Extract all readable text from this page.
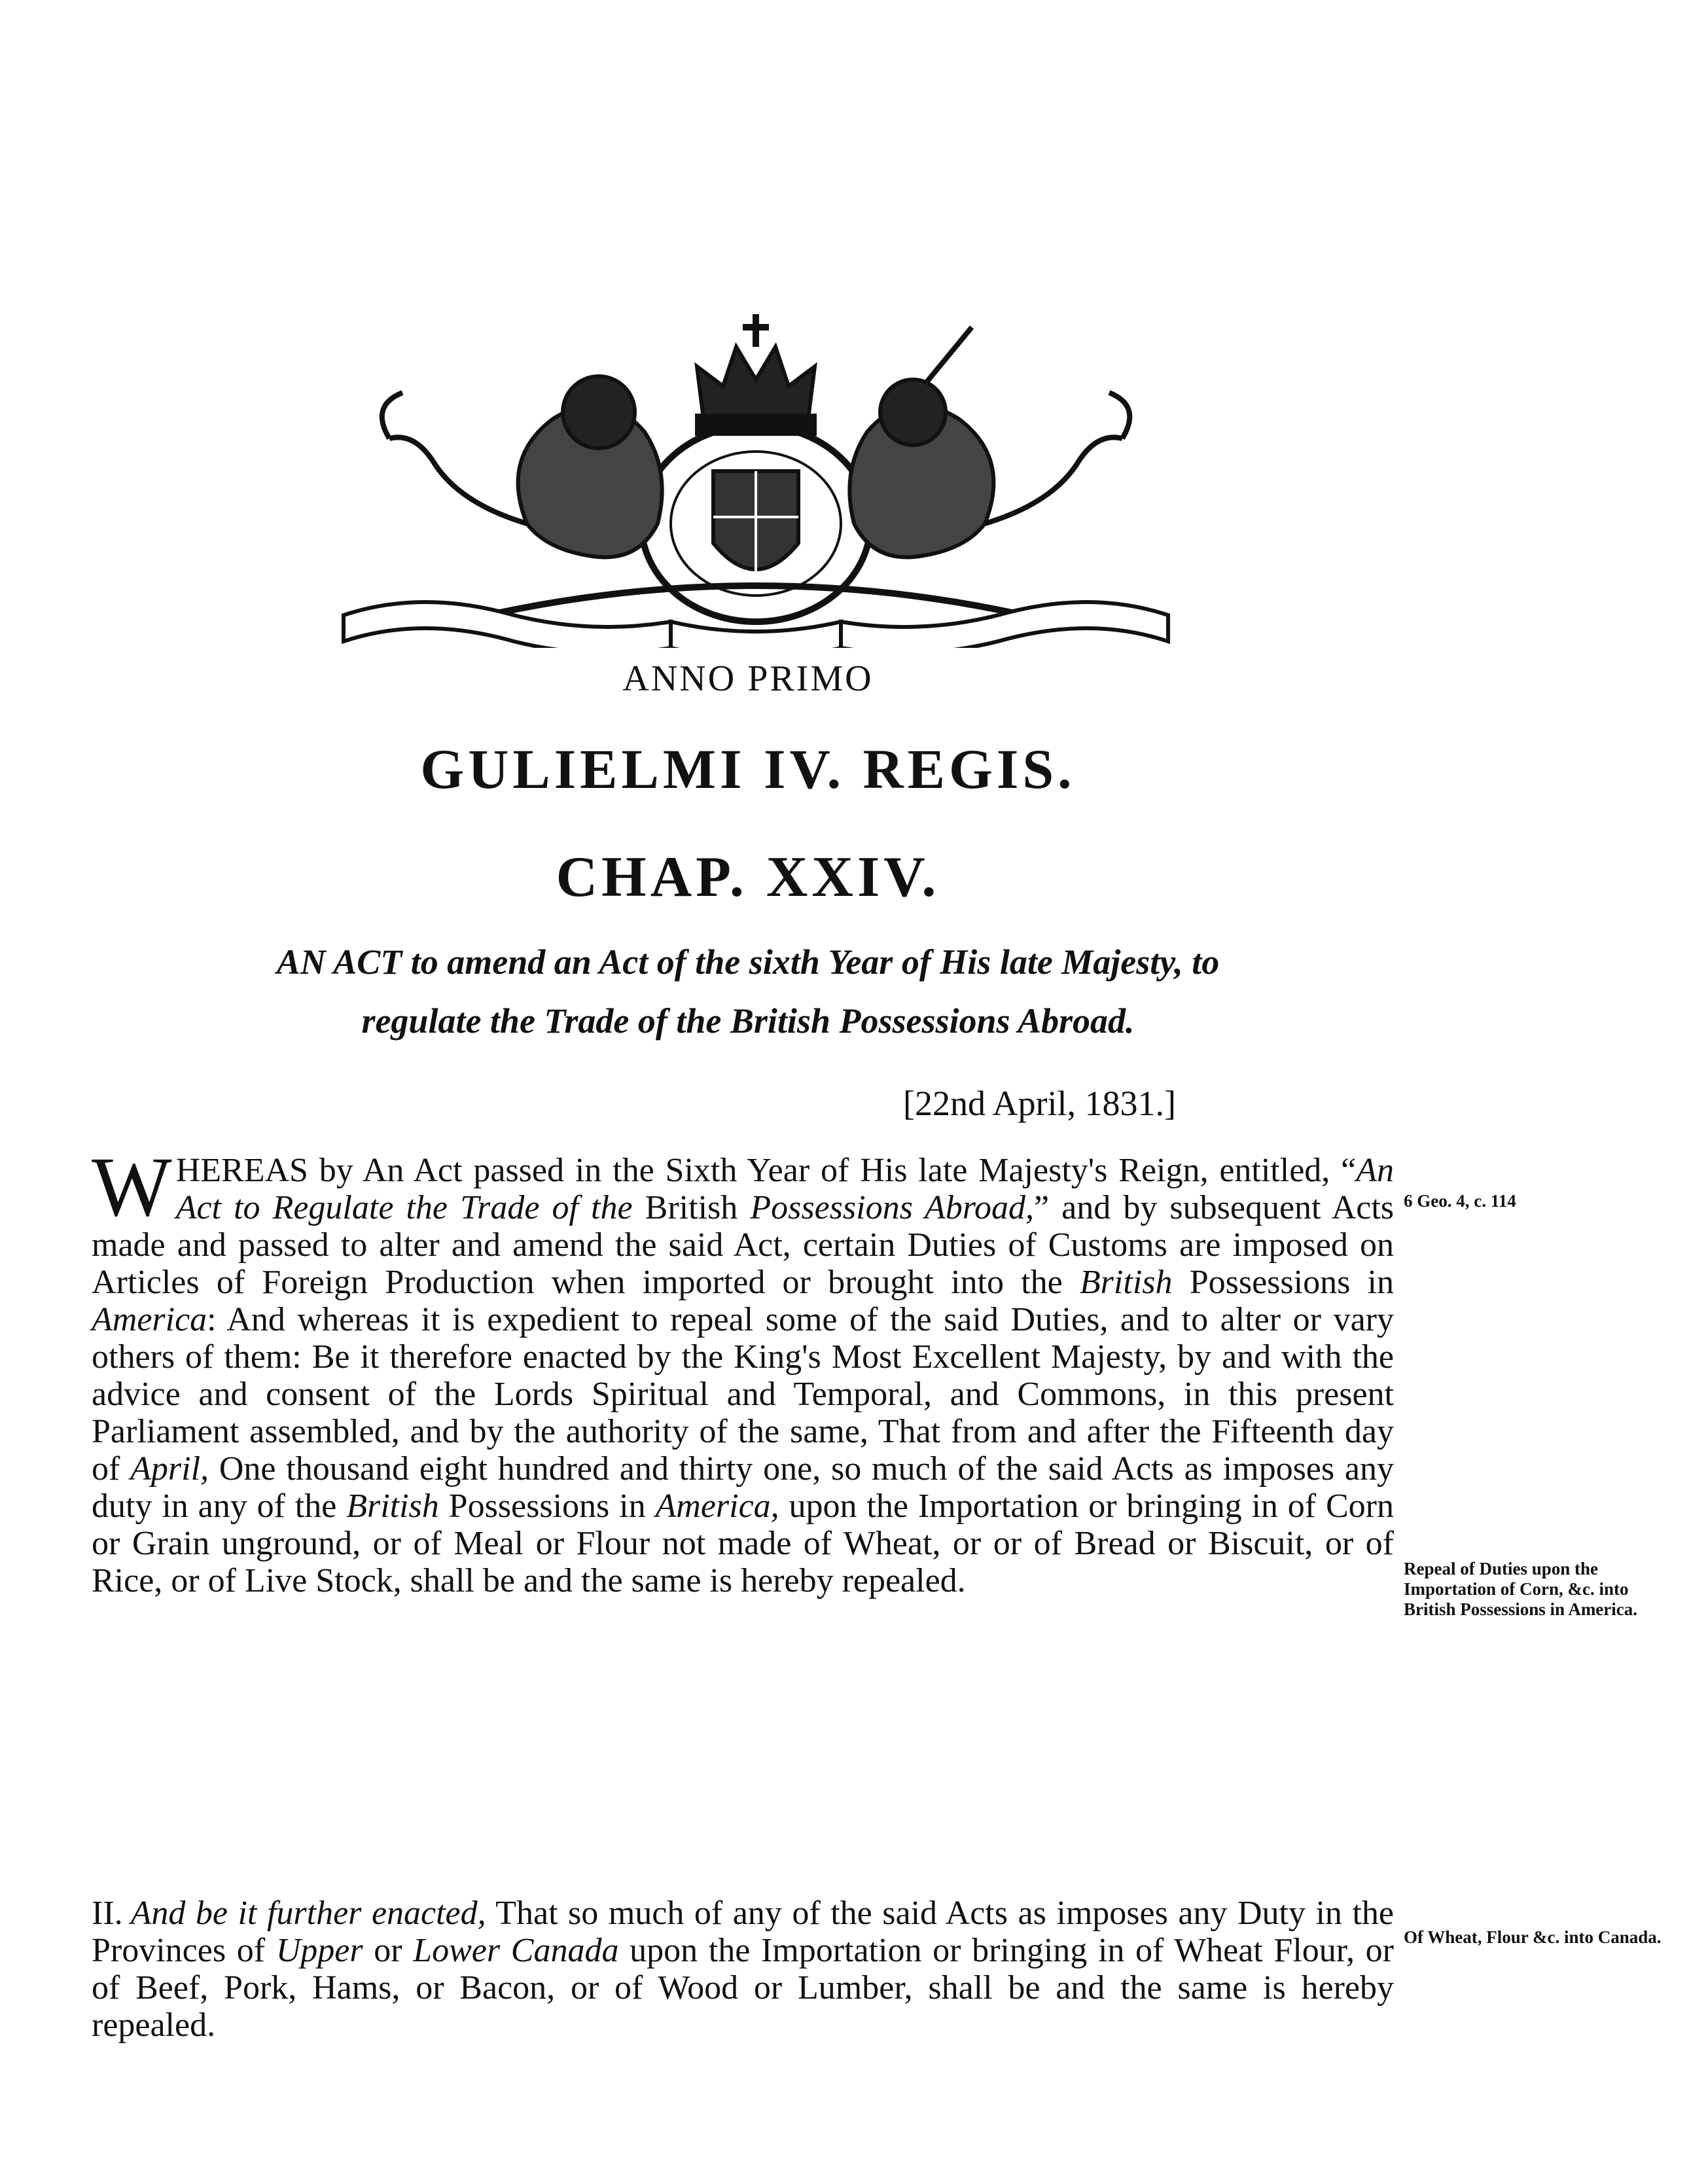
ANNO PRIMO
GULIELMI IV. REGIS.
CHAP. XXIV.
AN ACT to amend an Act of the sixth Year of His late Majesty, to
regulate the Trade of the British Possessions Abroad.
[22nd April, 1831.]
WHEREAS by An Act passed in the Sixth Year of His late Majesty's Reign, entitled, “An Act to Regulate the Trade of the British Possessions Abroad,” and by subsequent Acts made and passed to alter and amend the said Act, certain Duties of Customs are imposed on Articles of Foreign Production when imported or brought into the British Possessions in America: And whereas it is expedient to repeal some of the said Duties, and to alter or vary others of them: Be it therefore enacted by the King's Most Excellent Majesty, by and with the advice and consent of the Lords Spiritual and Temporal, and Commons, in this present Parliament assembled, and by the authority of the same, That from and after the Fifteenth day of April, One thousand eight hundred and thirty one, so much of the said Acts as imposes any duty in any of the British Possessions in America, upon the Importation or bringing in of Corn or Grain unground, or of Meal or Flour not made of Wheat, or or of Bread or Biscuit, or of Rice, or of Live Stock, shall be and the same is hereby repealed.
II. And be it further enacted, That so much of any of the said Acts as imposes any Duty in the Provinces of Upper or Lower Canada upon the Importation or bringing in of Wheat Flour, or of Beef, Pork, Hams, or Bacon, or of Wood or Lumber, shall be and the same is hereby repealed.
6 Geo. 4, c. 114
Repeal of Duties upon the Importation of Corn, &c. into British Possessions in America.
Of Wheat, Flour &c. into Canada.
